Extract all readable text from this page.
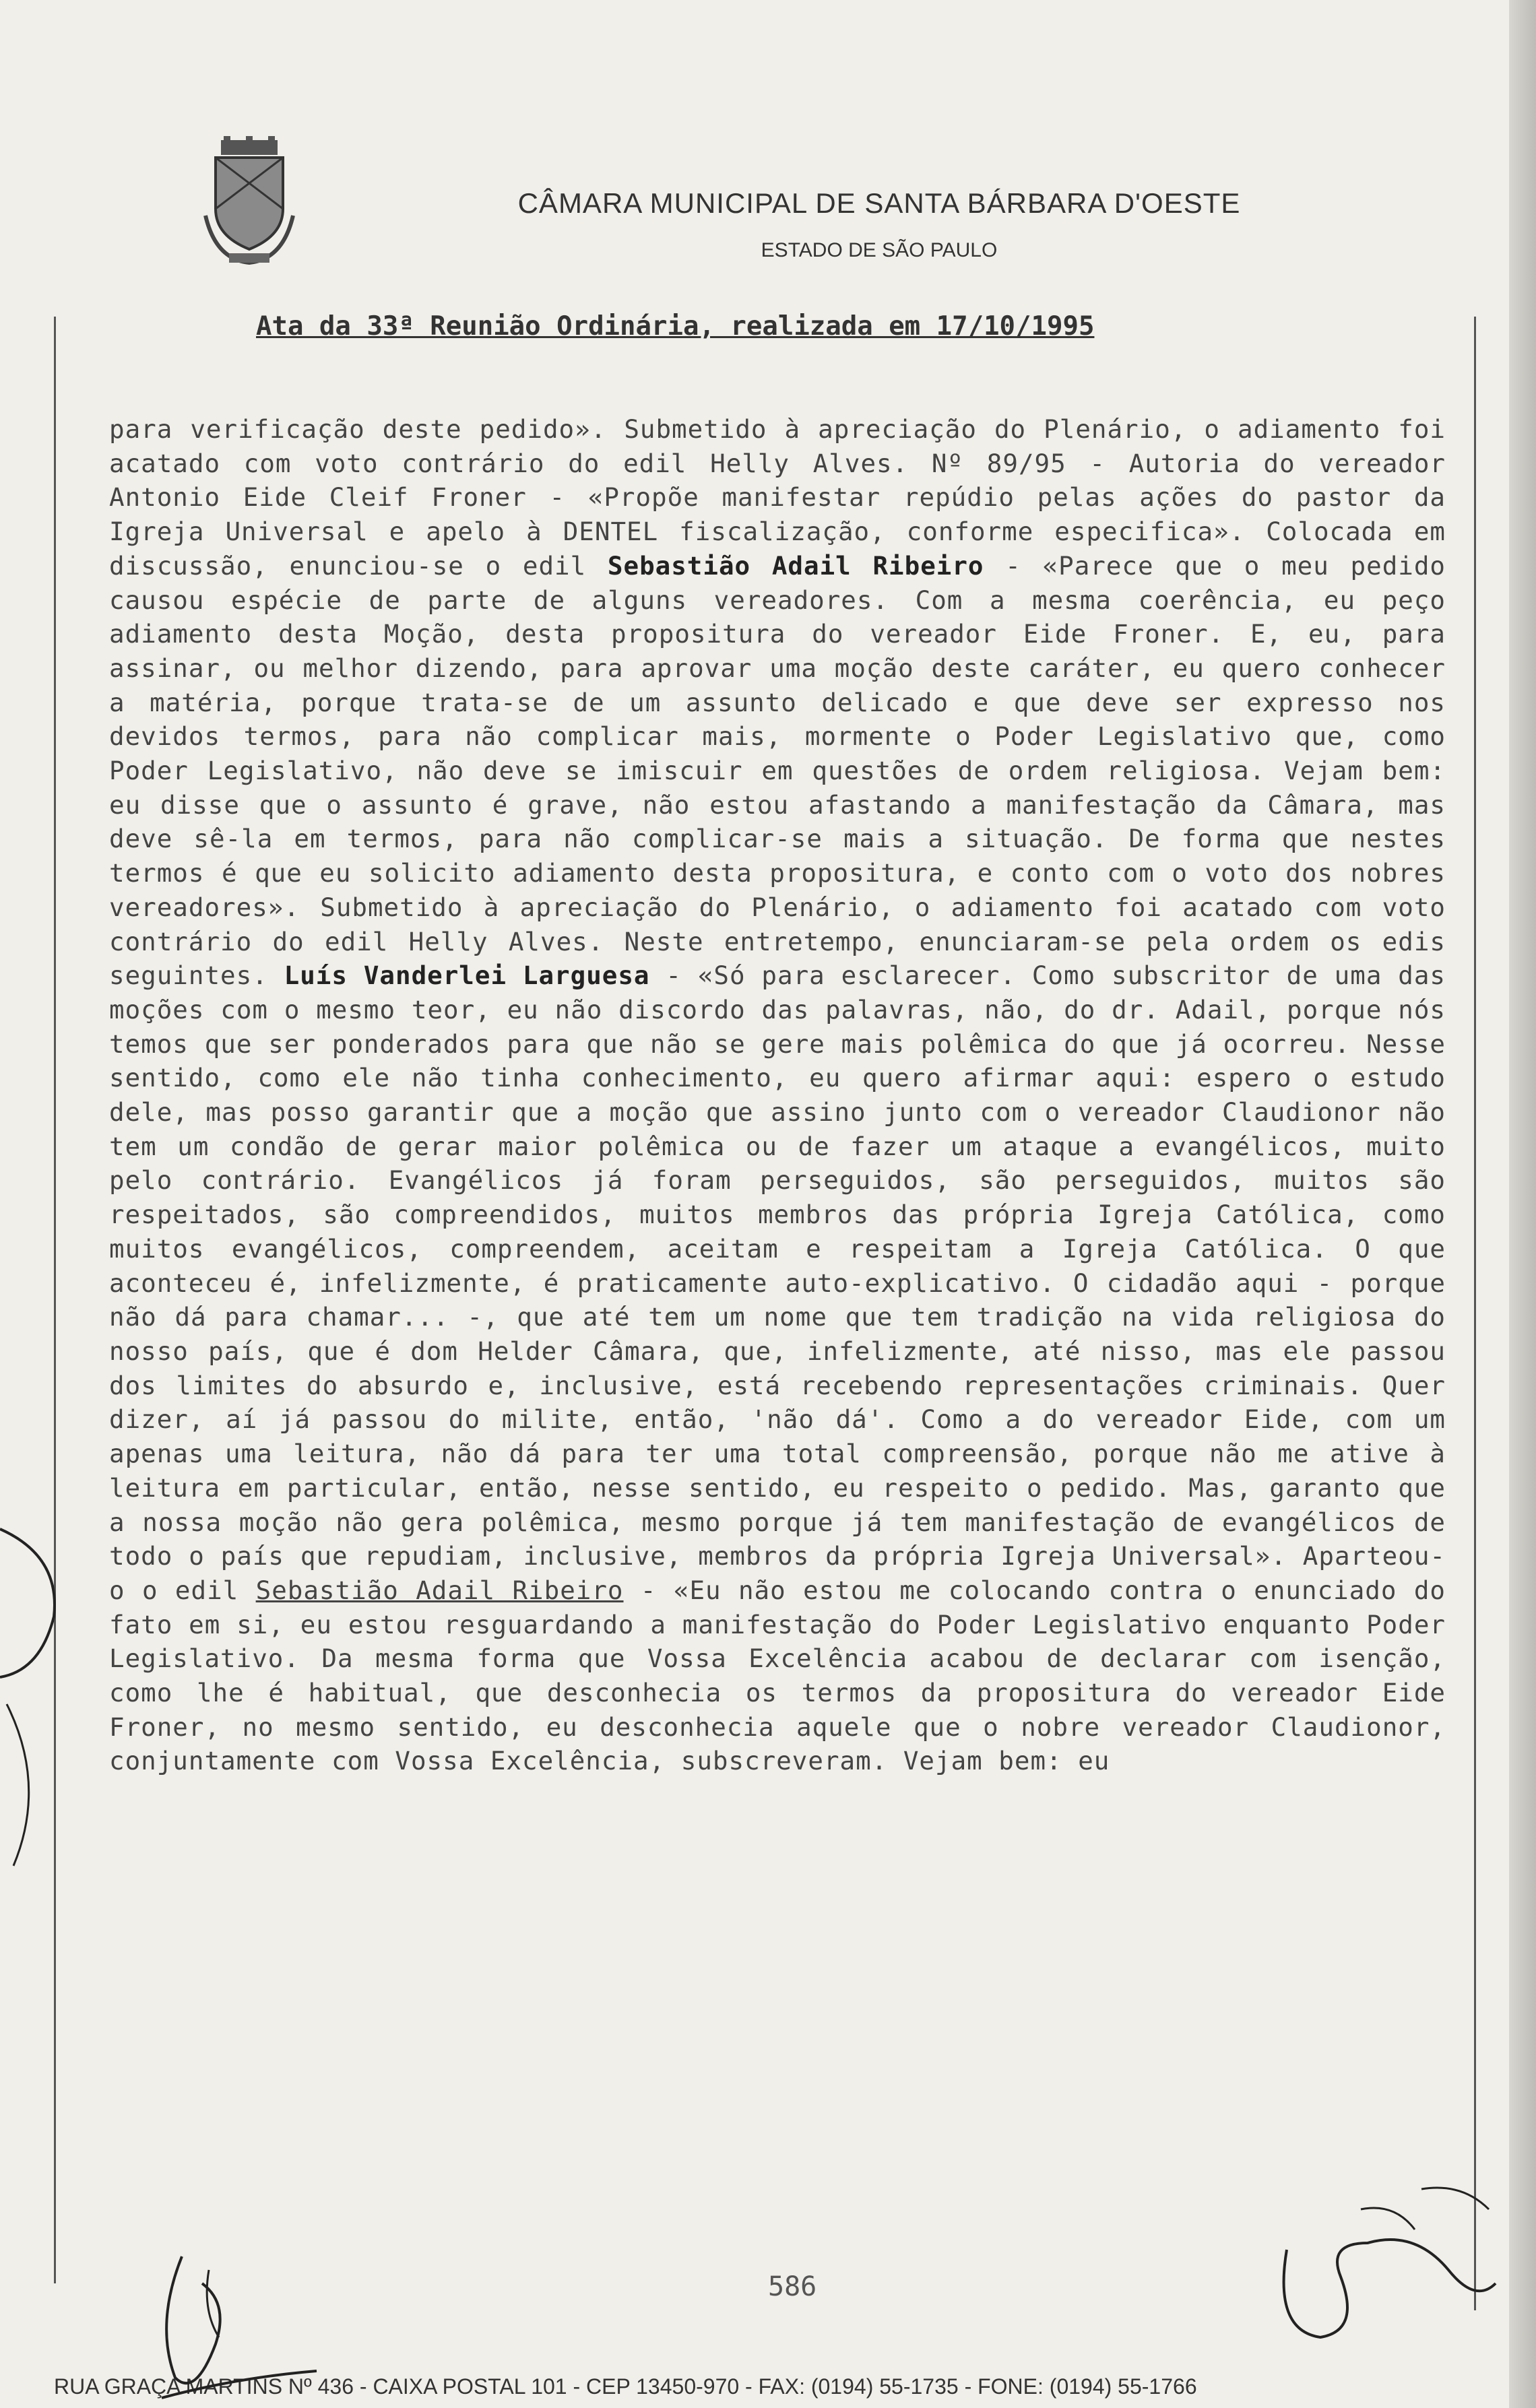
CÂMARA MUNICIPAL DE SANTA BÁRBARA D'OESTE
ESTADO DE SÃO PAULO
Ata da 33ª Reunião Ordinária, realizada em 17/10/1995

para verificação deste pedido». Submetido à apreciação do Plenário, o adiamento foi acatado com voto contrário do edil Helly Alves. Nº 89/95 - Autoria do vereador Antonio Eide Cleif Froner - «Propõe manifestar repúdio pelas ações do pastor da Igreja Universal e apelo à DENTEL fiscalização, conforme especifica». Colocada em discussão, enunciou-se o edil Sebastião Adail Ribeiro - «Parece que o meu pedido causou espécie de parte de alguns vereadores. Com a mesma coerência, eu peço adiamento desta Moção, desta propositura do vereador Eide Froner. E, eu, para assinar, ou melhor dizendo, para aprovar uma moção deste caráter, eu quero conhecer a matéria, porque trata-se de um assunto delicado e que deve ser expresso nos devidos termos, para não complicar mais, mormente o Poder Legislativo que, como Poder Legislativo, não deve se imiscuir em questões de ordem religiosa. Vejam bem: eu disse que o assunto é grave, não estou afastando a manifestação da Câmara, mas deve sê-la em termos, para não complicar-se mais a situação. De forma que nestes termos é que eu solicito adiamento desta propositura, e conto com o voto dos nobres vereadores». Submetido à apreciação do Plenário, o adiamento foi acatado com voto contrário do edil Helly Alves. Neste entretempo, enunciaram-se pela ordem os edis seguintes. Luís Vanderlei Larguesa - «Só para esclarecer. Como subscritor de uma das moções com o mesmo teor, eu não discordo das palavras, não, do dr. Adail, porque nós temos que ser ponderados para que não se gere mais polêmica do que já ocorreu. Nesse sentido, como ele não tinha conhecimento, eu quero afirmar aqui: espero o estudo dele, mas posso garantir que a moção que assino junto com o vereador Claudionor não tem um condão de gerar maior polêmica ou de fazer um ataque a evangélicos, muito pelo contrário. Evangélicos já foram perseguidos, são perseguidos, muitos são respeitados, são compreendidos, muitos membros das própria Igreja Católica, como muitos evangélicos, compreendem, aceitam e respeitam a Igreja Católica. O que aconteceu é, infelizmente, é praticamente auto-explicativo. O cidadão aqui - porque não dá para chamar... -, que até tem um nome que tem tradição na vida religiosa do nosso país, que é dom Helder Câmara, que, infelizmente, até nisso, mas ele passou dos limites do absurdo e, inclusive, está recebendo representações criminais. Quer dizer, aí já passou do milite, então, 'não dá'. Como a do vereador Eide, com um apenas uma leitura, não dá para ter uma total compreensão, porque não me ative à leitura em particular, então, nesse sentido, eu respeito o pedido. Mas, garanto que a nossa moção não gera polêmica, mesmo porque já tem manifestação de evangélicos de todo o país que repudiam, inclusive, membros da própria Igreja Universal». Aparteou-o o edil Sebastião Adail Ribeiro - «Eu não estou me colocando contra o enunciado do fato em si, eu estou resguardando a manifestação do Poder Legislativo enquanto Poder Legislativo. Da mesma forma que Vossa Excelência acabou de declarar com isenção, como lhe é habitual, que desconhecia os termos da propositura do vereador Eide Froner, no mesmo sentido, eu desconhecia aquele que o nobre vereador Claudionor, conjuntamente com Vossa Excelência, subscreveram. Vejam bem: eu

586
RUA GRAÇA MARTINS Nº 436 - CAIXA POSTAL 101 - CEP 13450-970 - FAX: (0194) 55-1735 - FONE: (0194) 55-1766
